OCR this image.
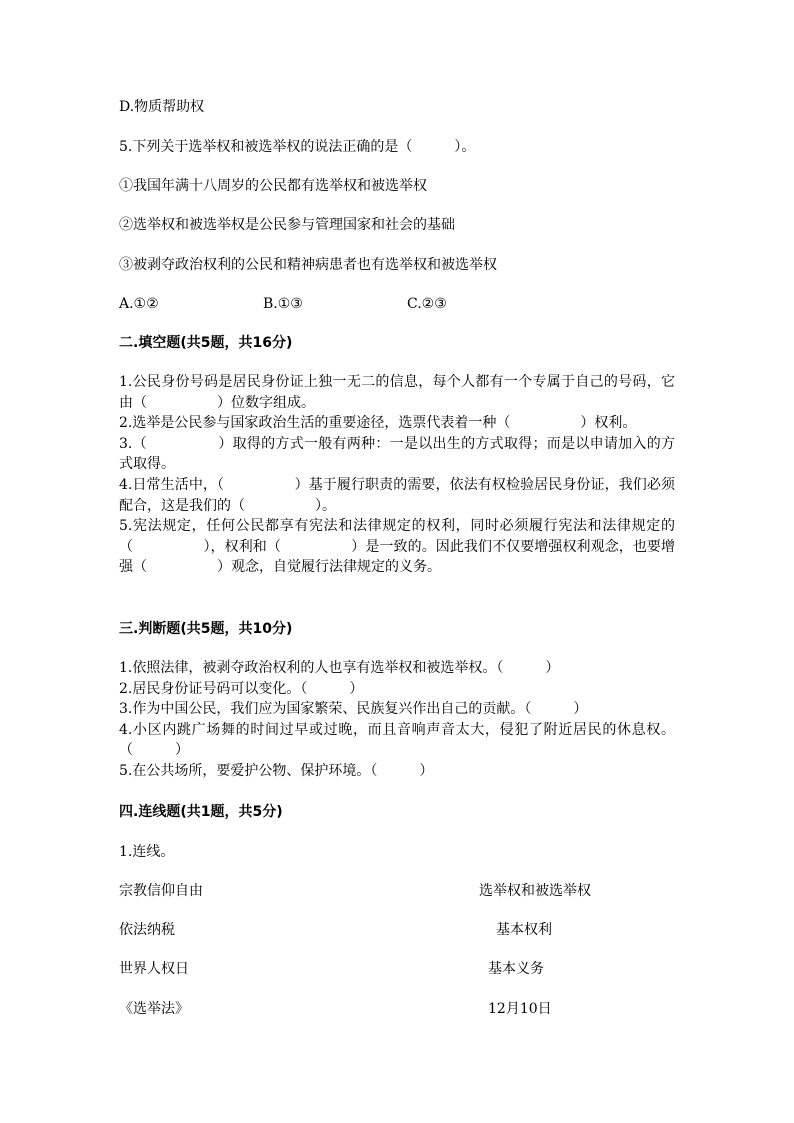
D.物质帮助权
5.下列关于选举权和被选举权的说法正确的是（　　　）。
①我国年满十八周岁的公民都有选举权和被选举权
②选举权和被选举权是公民参与管理国家和社会的基础
③被剥夺政治权利的公民和精神病患者也有选举权和被选举权
A.①②	B.①③	C.②③
二.填空题(共5题，共16分)

1.公民身份号码是居民身份证上独一无二的信息，每个人都有一个专属于自己的号码，它由（　　　　　）位数字组成。

2.选举是公民参与国家政治生活的重要途径，选票代表着一种（　　　　　）权利。

3.（　　　　　）取得的方式一般有两种：一是以出生的方式取得；而是以申请加入的方式取得。

4.日常生活中，（　　　　　）基于履行职责的需要，依法有权检验居民身份证，我们必须配合，这是我们的（　　　　　）。

5.宪法规定，任何公民都享有宪法和法律规定的权利，同时必须履行宪法和法律规定的（　　　　　），权利和（　　　　　）是一致的。因此我们不仅要增强权利观念，也要增强（　　　　　）观念，自觉履行法律规定的义务。

三.判断题(共5题，共10分)

1.依照法律，被剥夺政治权利的人也享有选举权和被选举权。（　　　）

2.居民身份证号码可以变化。（　　　）

3.作为中国公民，我们应为国家繁荣、民族复兴作出自己的贡献。（　　　）

4.小区内跳广场舞的时间过早或过晚，而且音响声音太大，侵犯了附近居民的休息权。（　　　）

5.在公共场所，要爱护公物、保护环境。（　　　）

四.连线题(共1题，共5分)
1.连线。
宗教信仰自由
依法纳税
世界人权日
《选举法》
选举权和被选举权
基本权利
基本义务
12月10日
